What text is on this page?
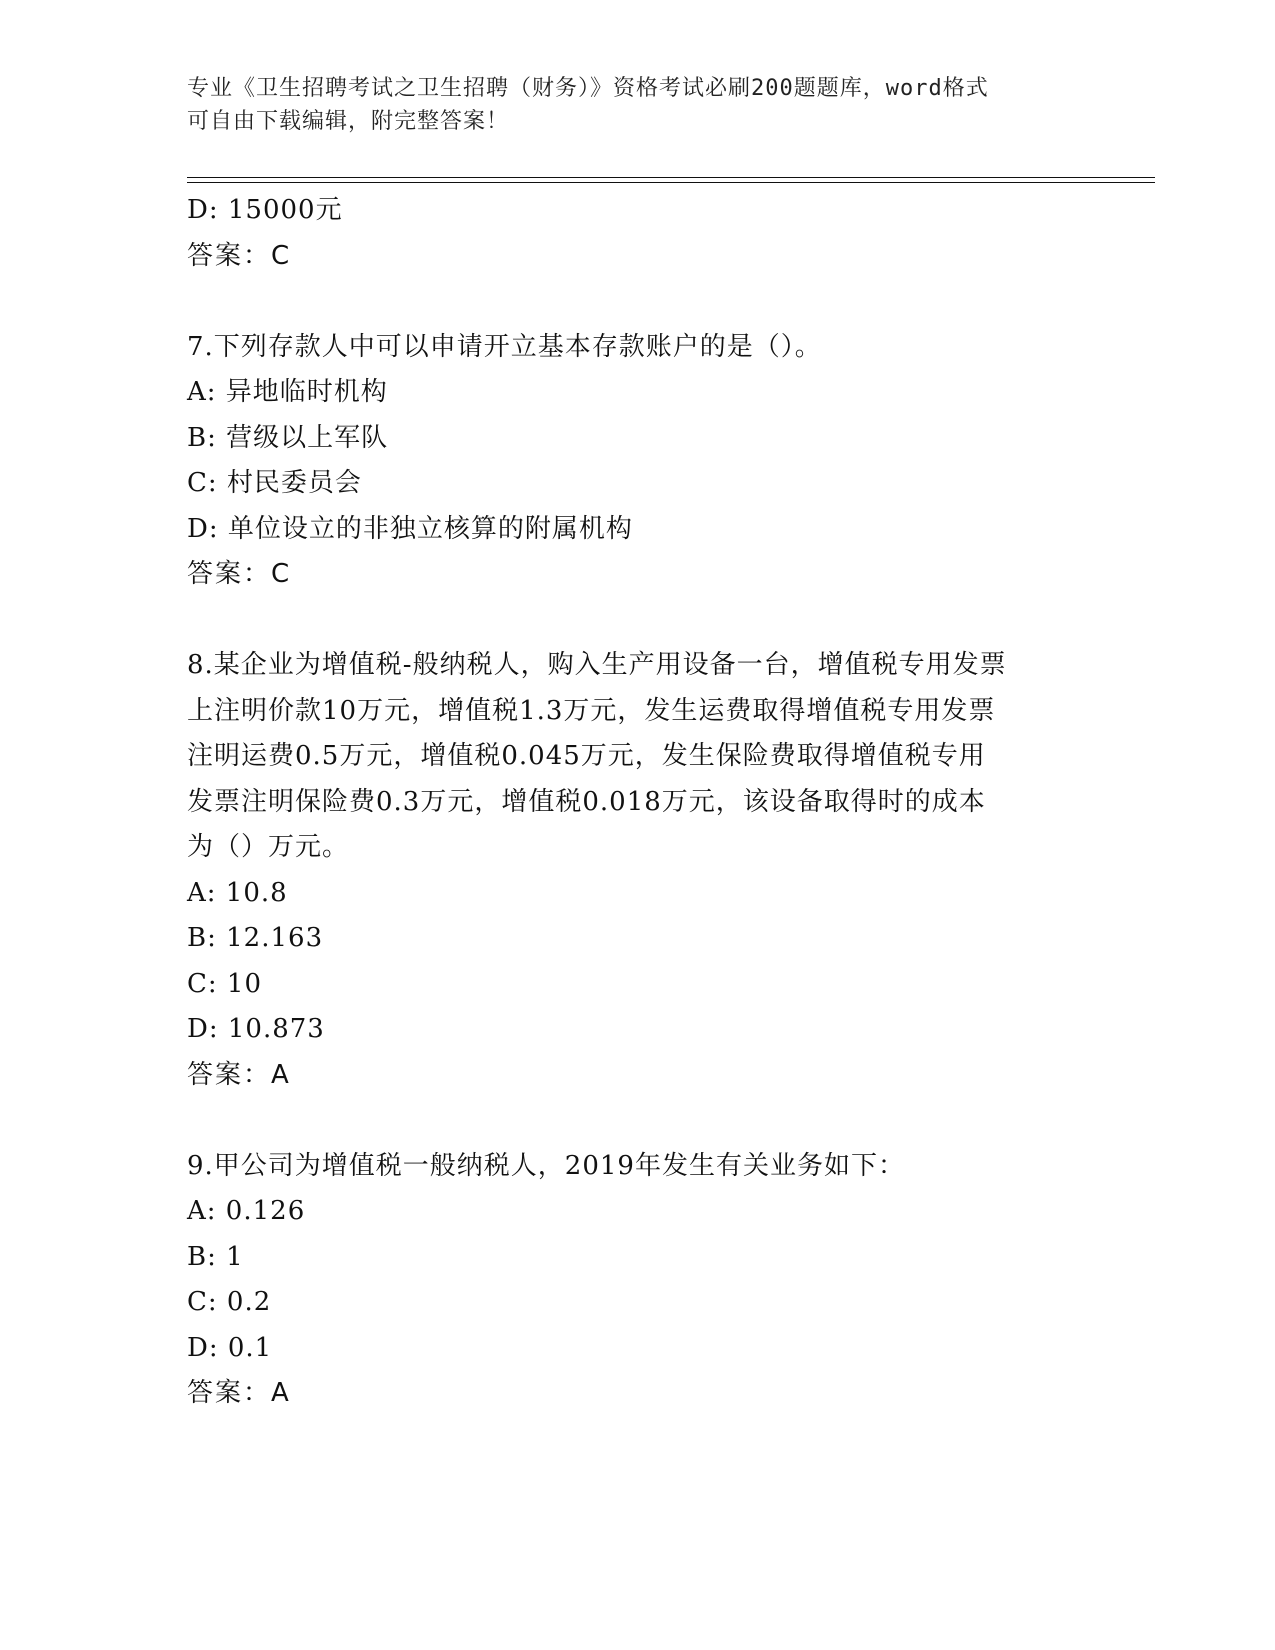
专业《卫生招聘考试之卫生招聘（财务）》资格考试必刷200题题库，word格式
可自由下载编辑，附完整答案！
D: 15000元
答案：C
7.下列存款人中可以申请开立基本存款账户的是（）。
A: 异地临时机构
B: 营级以上军队
C: 村民委员会
D: 单位设立的非独立核算的附属机构
答案：C
8.某企业为增值税-般纳税人，购入生产用设备一台，增值税专用发票
上注明价款10万元，增值税1.3万元，发生运费取得增值税专用发票
注明运费0.5万元，增值税0.045万元，发生保险费取得增值税专用
发票注明保险费0.3万元，增值税0.018万元，该设备取得时的成本
为（）万元。
A: 10.8
B: 12.163
C: 10
D: 10.873
答案：A
9.甲公司为增值税一般纳税人，2019年发生有关业务如下：
A: 0.126
B: 1
C: 0.2
D: 0.1
答案：A
